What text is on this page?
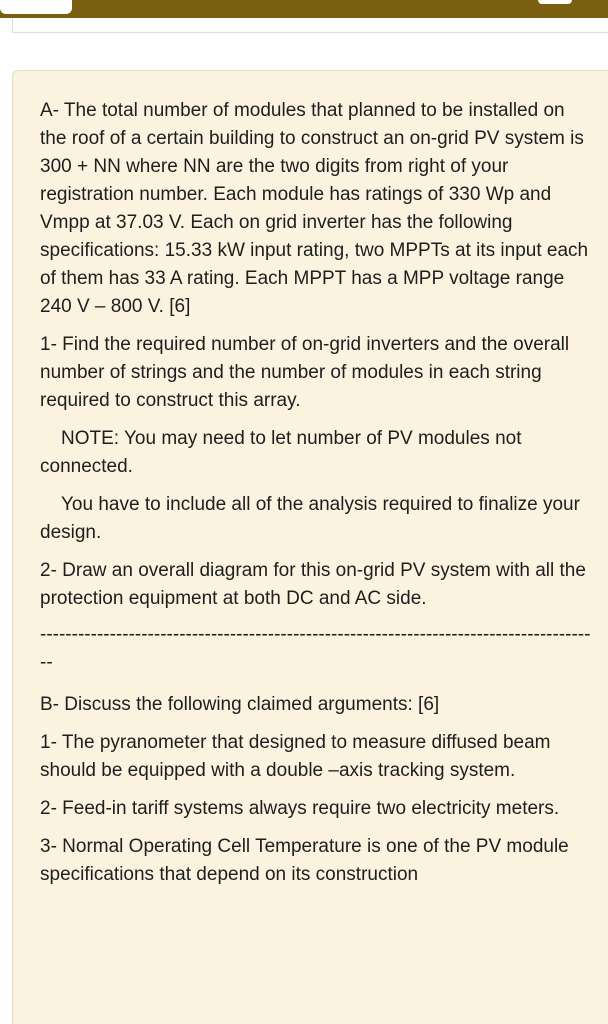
A- The total number of modules that planned to be installed on the roof of a certain building to construct an on-grid PV system is 300 + NN where NN are the two digits from right of your registration number. Each module has ratings of 330 Wp and Vmpp at 37.03 V. Each on grid inverter has the following specifications: 15.33 kW input rating, two MPPTs at its input each of them has 33 A rating. Each MPPT has a MPP voltage range 240 V – 800 V. [6]

1- Find the required number of on-grid inverters and the overall number of strings and the number of modules in each string required to construct this array.

NOTE: You may need to let number of PV modules not connected.

You have to include all of the analysis required to finalize your design.

2- Draw an overall diagram for this on-grid PV system with all the protection equipment at both DC and AC side.

-----------------------------------------------------------------------------------------

B- Discuss the following claimed arguments: [6]

1- The pyranometer that designed to measure diffused beam should be equipped with a double –axis tracking system.

2- Feed-in tariff systems always require two electricity meters.

3- Normal Operating Cell Temperature is one of the PV module specifications that depend on its construction
